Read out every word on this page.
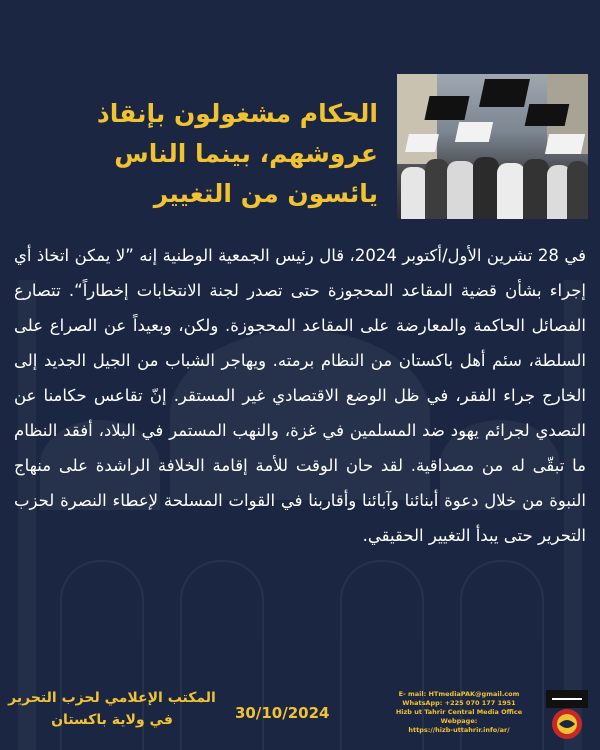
الحكام مشغولون بإنقاذ
عروشهم، بينما الناس
يائسون من التغيير

في 28 تشرين الأول/أكتوبر 2024، قال رئيس الجمعية الوطنية إنه ”لا يمكن اتخاذ أي إجراء بشأن قضية المقاعد المحجوزة حتى تصدر لجنة الانتخابات إخطاراً“. تتصارع الفصائل الحاكمة والمعارضة على المقاعد المحجوزة. ولكن، وبعيداً عن الصراع على السلطة، سئم أهل باكستان من النظام برمته. ويهاجر الشباب من الجيل الجديد إلى الخارج جراء الفقر، في ظل الوضع الاقتصادي غير المستقر. إنّ تقاعس حكامنا عن التصدي لجرائم يهود ضد المسلمين في غزة، والنهب المستمر في البلاد، أفقد النظام ما تبقّى له من مصداقية. لقد حان الوقت للأمة إقامة الخلافة الراشدة على منهاج النبوة من خلال دعوة أبنائنا وآبائنا وأقاربنا في القوات المسلحة لإعطاء النصرة لحزب التحرير حتى يبدأ التغيير الحقيقي.

المكتب الإعلامي لحزب التحرير
في ولاية باكستان	30/10/2024
E- mail: HTmediaPAK@gmail.com
WhatsApp: +225 070 177 1951
Hizb ut Tahrir Central Media Office Webpage:
https://hizb-uttahrir.info/ar/
